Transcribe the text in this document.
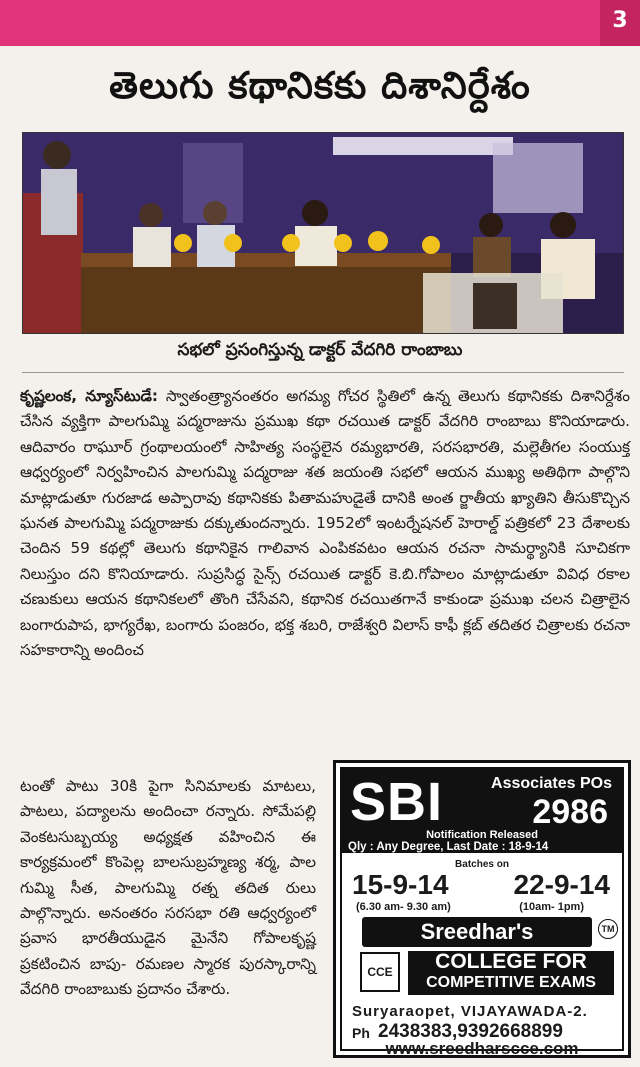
3
తెలుగు కథానికకు దిశానిర్దేశం
సభలో ప్రసంగిస్తున్న డాక్టర్ వేదగిరి రాంబాబు

కృష్ణలంక, న్యూస్‌టుడే: స్వాతంత్ర్యానంతరం అగమ్య గోచర స్థితిలో ఉన్న తెలుగు కథానికకు దిశానిర్దేశం చేసిన వ్యక్తిగా పాలగుమ్మి పద్మరాజును ప్రముఖ కథా రచయిత డాక్టర్ వేదగిరి రాంబాబు కొనియాడారు. ఆదివారం రాఘూర్ గ్రంథాలయంలో సాహిత్య సంస్థలైన రమ్యభారతి, సరసభారతి, మల్లెతీగల సంయుక్త ఆధ్వర్యంలో నిర్వహించిన పాలగుమ్మి పద్మరాజు శత జయంతి సభలో ఆయన ముఖ్య అతిథిగా పాల్గొని మాట్లాడుతూ గురజాడ అప్పారావు కథానికకు పితామహుడైతే దానికి అంత ర్జాతీయ ఖ్యాతిని తీసుకొచ్చిన ఘనత పాలగుమ్మి పద్మరాజుకు దక్కుతుందన్నారు. 1952లో ఇంటర్నేషనల్ హెరాల్డ్ పత్రికలో 23 దేశాలకు చెందిన 59 కథల్లో తెలుగు కథానికైన గాలివాన ఎంపికవటం ఆయన రచనా సామర్థ్యానికి సూచికగా నిలుస్తుం దని కొనియాడారు. సుప్రసిద్ధ సైన్స్ రచయిత డాక్టర్ కె.బి.గోపాలం మాట్లాడుతూ వివిధ రకాల చణుకులు ఆయన కథానికలలో తొంగి చేసేవని, కథానిక రచయితగానే కాకుండా ప్రముఖ చలన చిత్రాలైన బంగారుపాప, భాగ్యరేఖ, బంగారు పంజరం, భక్త శబరి, రాజేశ్వరి విలాస్ కాఫీ క్లబ్ తదితర చిత్రాలకు రచనా సహకారాన్ని అందించ

టంతో పాటు 30కి పైగా సినిమాలకు మాటలు, పాటలు, పద్యాలను అందించా రన్నారు. సోమేపల్లి వెంకటసుబ్బయ్య అధ్యక్షత వహించిన ఈ కార్యక్రమంలో కొంపెల్ల బాలసుబ్రహ్మణ్య శర్మ, పాల గుమ్మి సీత, పాలగుమ్మి రత్న తదిత రులు పాల్గొన్నారు. అనంతరం సరసభా రతి ఆధ్వర్యంలో ప్రవాస భారతీయుడైన మైనేని గోపాలకృష్ణ ప్రకటించిన బాపు- రమణల స్మారక పురస్కారాన్ని వేదగిరి రాంబాబుకు ప్రదానం చేశారు.

SBI	Associates POs
2986
Notification Released
Qly : Any Degree, Last Date : 18-9-14
Batches on
15-9-14 22-9-14
(6.30 am- 9.30 am)	(10am- 1pm)
Sreedhar's	TM
CCE	COLLEGE FOR
COMPETITIVE EXAMS
Suryaraopet, VIJAYAWADA-2.
Ph 2438383,9392668899
www.sreedharscce.com
